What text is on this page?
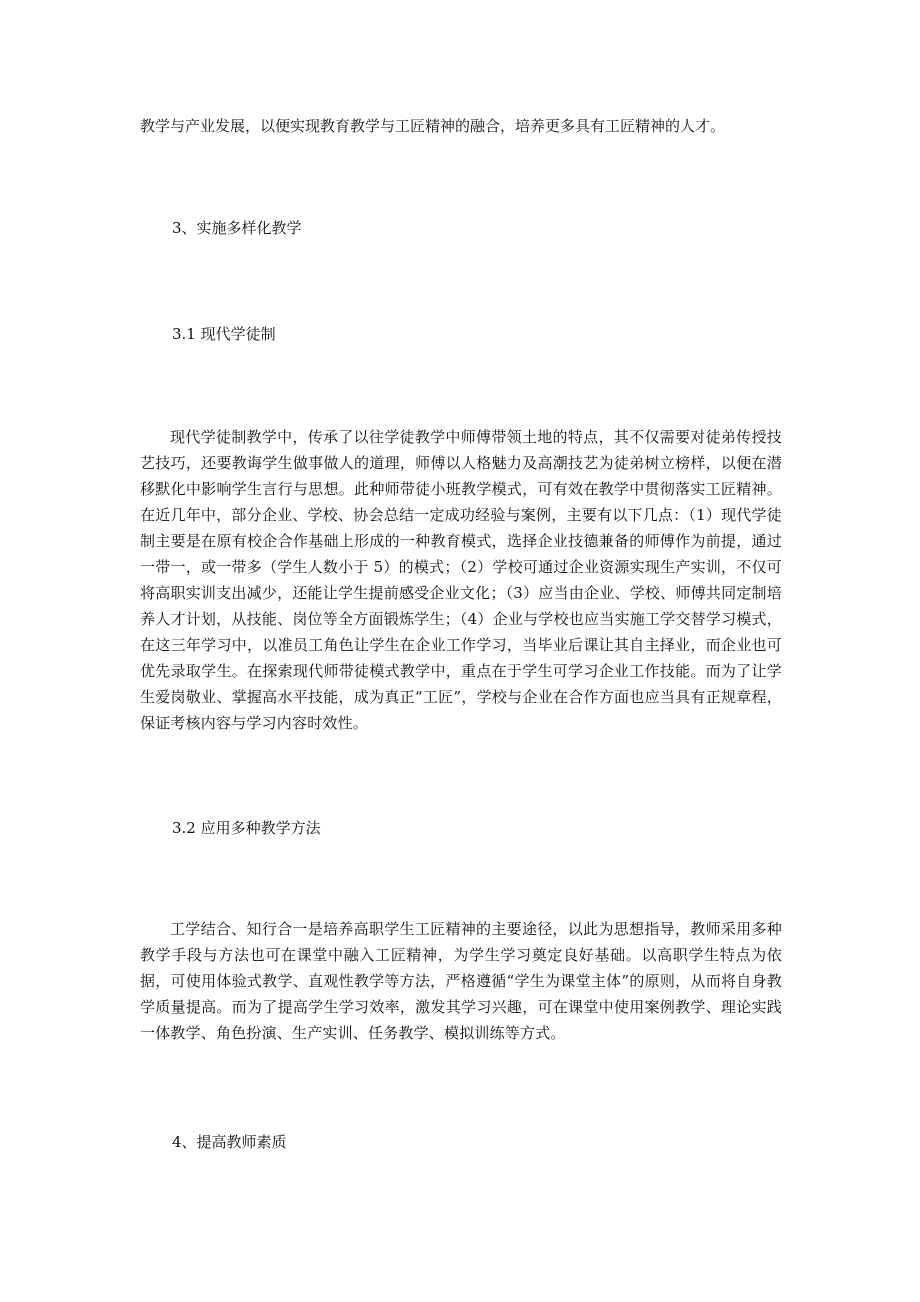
教学与产业发展，以便实现教育教学与工匠精神的融合，培养更多具有工匠精神的人才。
3、实施多样化教学
3.1 现代学徒制
现代学徒制教学中，传承了以往学徒教学中师傅带领土地的特点，其不仅需要对徒弟传授技艺技巧，还要教诲学生做事做人的道理，师傅以人格魅力及高潮技艺为徒弟树立榜样，以便在潜移默化中影响学生言行与思想。此种师带徒小班教学模式，可有效在教学中贯彻落实工匠精神。在近几年中，部分企业、学校、协会总结一定成功经验与案例，主要有以下几点：（1）现代学徒制主要是在原有校企合作基础上形成的一种教育模式，选择企业技德兼备的师傅作为前提，通过一带一，或一带多（学生人数小于 5）的模式；（2）学校可通过企业资源实现生产实训，不仅可将高职实训支出减少，还能让学生提前感受企业文化；（3）应当由企业、学校、师傅共同定制培养人才计划，从技能、岗位等全方面锻炼学生；（4）企业与学校也应当实施工学交替学习模式，在这三年学习中，以准员工角色让学生在企业工作学习，当毕业后课让其自主择业，而企业也可优先录取学生。在探索现代师带徒模式教学中，重点在于学生可学习企业工作技能。而为了让学生爱岗敬业、掌握高水平技能，成为真正“工匠”，学校与企业在合作方面也应当具有正规章程，保证考核内容与学习内容时效性。
3.2 应用多种教学方法
工学结合、知行合一是培养高职学生工匠精神的主要途径，以此为思想指导，教师采用多种教学手段与方法也可在课堂中融入工匠精神，为学生学习奠定良好基础。以高职学生特点为依据，可使用体验式教学、直观性教学等方法，严格遵循“学生为课堂主体”的原则，从而将自身教学质量提高。而为了提高学生学习效率，激发其学习兴趣，可在课堂中使用案例教学、理论实践一体教学、角色扮演、生产实训、任务教学、模拟训练等方式。
4、提高教师素质
